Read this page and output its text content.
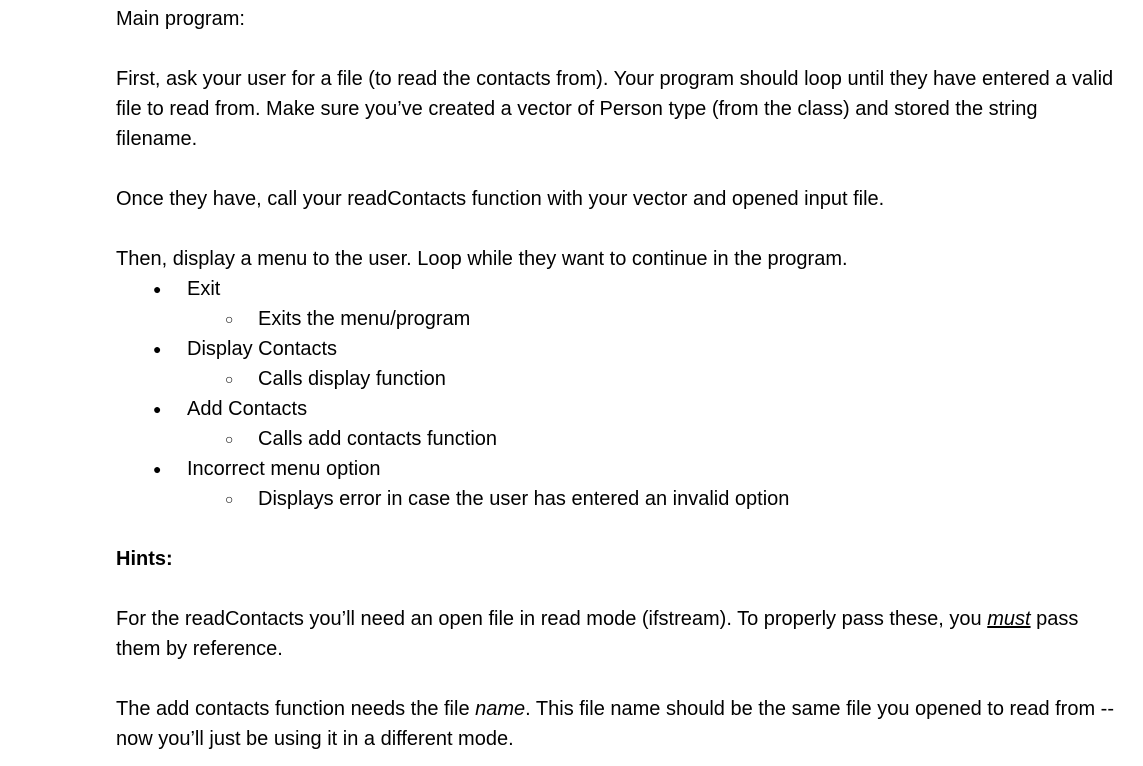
Main program:

First, ask your user for a file (to read the contacts from). Your program should loop until they have entered a valid file to read from. Make sure you’ve created a vector of Person type (from the class) and stored the string filename.

Once they have, call your readContacts function with your vector and opened input file.

Then, display a menu to the user. Loop while they want to continue in the program.

● Exit
○ Exits the menu/program
● Display Contacts
○ Calls display function
● Add Contacts
○ Calls add contacts function
● Incorrect menu option
○ Displays error in case the user has entered an invalid option

Hints:

For the readContacts you’ll need an open file in read mode (ifstream). To properly pass these, you must pass them by reference.

The add contacts function needs the file name. This file name should be the same file you opened to read from -- now you’ll just be using it in a different mode.
